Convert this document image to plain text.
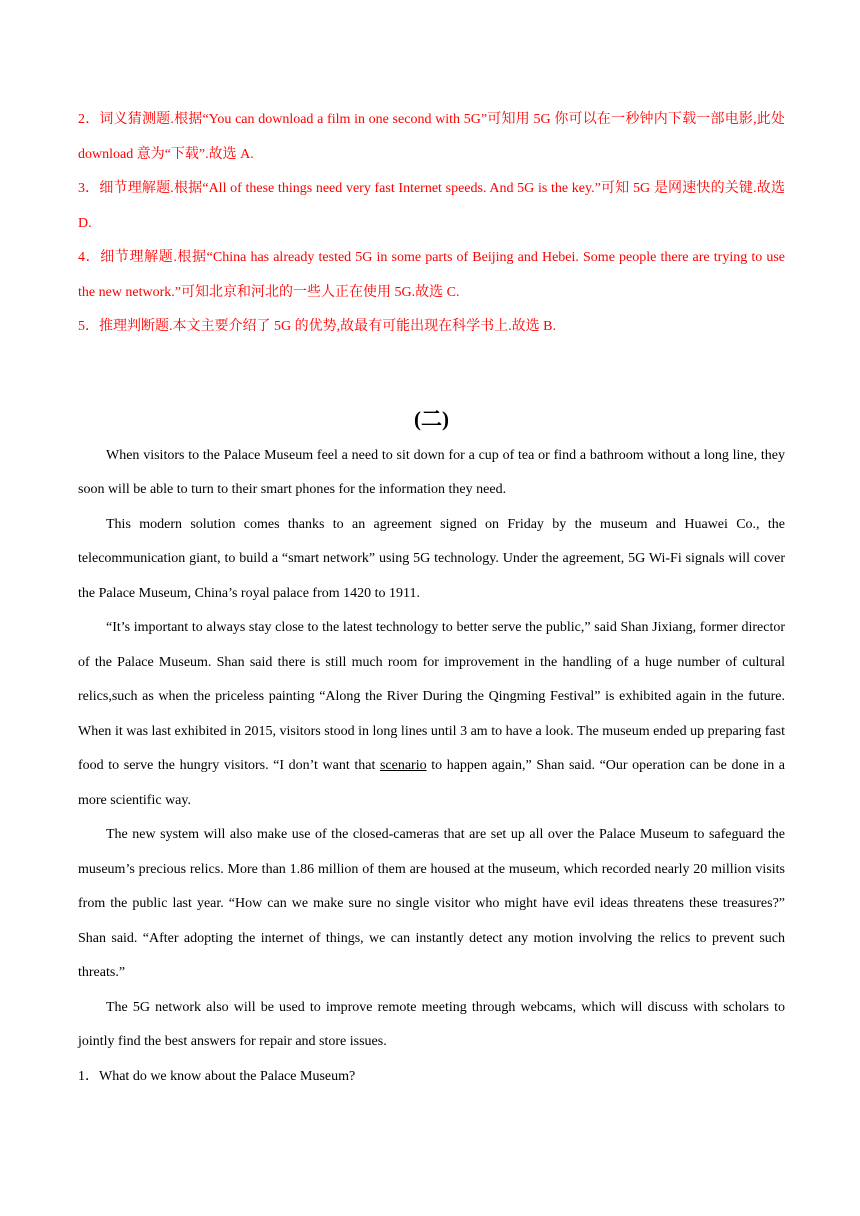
2．词义猜测题.根据“You can download a film in one second with 5G”可知用 5G 你可以在一秒钟内下载一部电影,此处 download 意为“下载”.故选 A.

3．细节理解题.根据“All of these things need very fast Internet speeds. And 5G is the key.”可知 5G 是网速快的关键.故选 D.

4．细节理解题.根据“China has already tested 5G in some parts of Beijing and Hebei. Some people there are trying to use the new network.”可知北京和河北的一些人正在使用 5G.故选 C.

5．推理判断题.本文主要介绍了 5G 的优势,故最有可能出现在科学书上.故选 B.

(二)

When visitors to the Palace Museum feel a need to sit down for a cup of tea or find a bathroom without a long line, they soon will be able to turn to their smart phones for the information they need.

This modern solution comes thanks to an agreement signed on Friday by the museum and Huawei Co., the telecommunication giant, to build a “smart network” using 5G technology. Under the agreement, 5G Wi-Fi signals will cover the Palace Museum, China’s royal palace from 1420 to 1911.

“It’s important to always stay close to the latest technology to better serve the public,” said Shan Jixiang, former director of the Palace Museum. Shan said there is still much room for improvement in the handling of a huge number of cultural relics,such as when the priceless painting “Along the River During the Qingming Festival” is exhibited again in the future. When it was last exhibited in 2015, visitors stood in long lines until 3 am to have a look. The museum ended up preparing fast food to serve the hungry visitors. “I don’t want that scenario to happen again,” Shan said. “Our operation can be done in a more scientific way.

The new system will also make use of the closed-cameras that are set up all over the Palace Museum to safeguard the museum’s precious relics. More than 1.86 million of them are housed at the museum, which recorded nearly 20 million visits from the public last year. “How can we make sure no single visitor who might have evil ideas threatens these treasures?” Shan said. “After adopting the internet of things, we can instantly detect any motion involving the relics to prevent such threats.”

The 5G network also will be used to improve remote meeting through webcams, which will discuss with scholars to jointly find the best answers for repair and store issues.

1．What do we know about the Palace Museum?
